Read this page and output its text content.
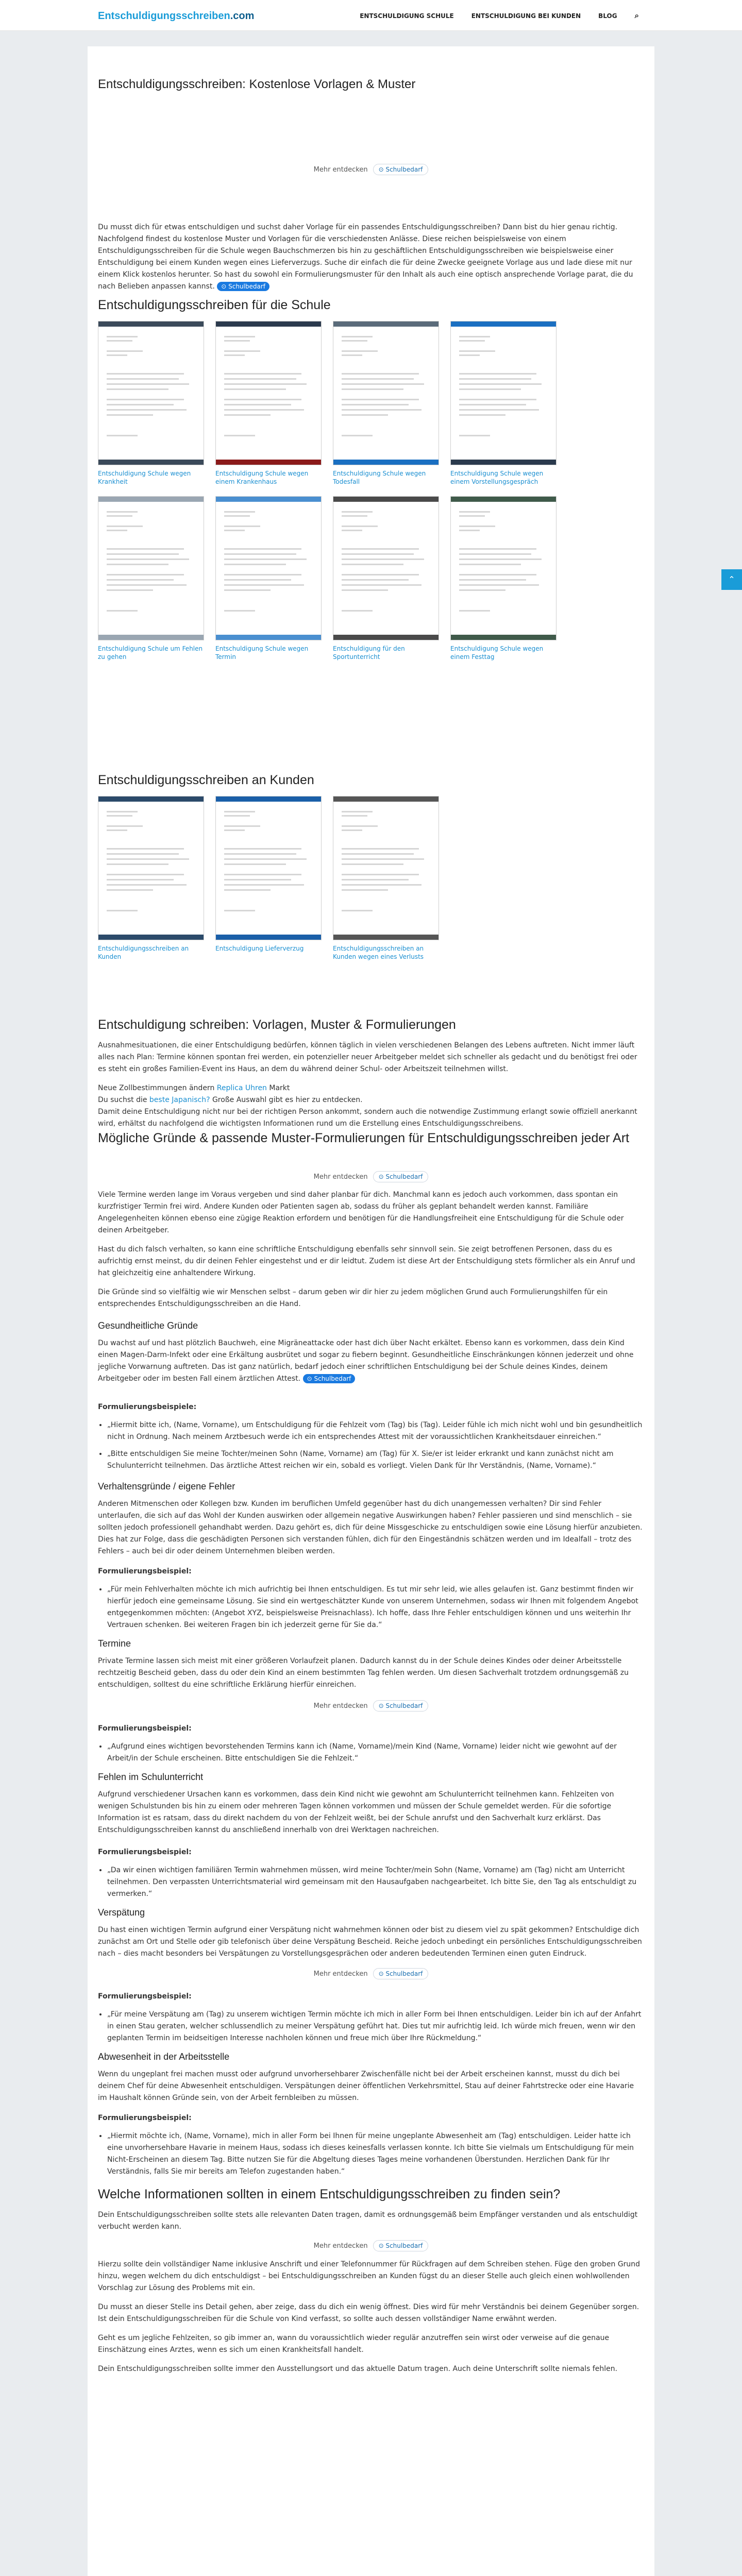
Entschuldigungsschreiben.com	ENTSCHULDIGUNG SCHULE	ENTSCHULDIGUNG BEI KUNDEN	BLOG ⌕
Entschuldigungsschreiben: Kostenlose Vorlagen & Muster
Mehr entdecken	⊙ Schulbedarf

Du musst dich für etwas entschuldigen und suchst daher Vorlage für ein passendes Entschuldigungsschreiben? Dann bist du hier genau richtig. Nachfolgend findest du kostenlose Muster und Vorlagen für die verschiedensten Anlässe. Diese reichen beispielsweise von einem Entschuldigungsschreiben für die Schule wegen Bauchschmerzen bis hin zu geschäftlichen Entschuldigungsschreiben wie beispielsweise einer Entschuldigung bei einem Kunden wegen eines Lieferverzugs. Suche dir einfach die für deine Zwecke geeignete Vorlage aus und lade diese mit nur einem Klick kostenlos herunter. So hast du sowohl ein Formulierungsmuster für den Inhalt als auch eine optisch ansprechende Vorlage parat, die du nach Belieben anpassen kannst. ⊙ Schulbedarf

Entschuldigungsschreiben für die Schule
Entschuldigung Schule wegen Krankheit
Entschuldigung Schule wegen einem Krankenhaus
Entschuldigung Schule wegen Todesfall
Entschuldigung Schule wegen einem Vorstellungsgespräch
Entschuldigung Schule um Fehlen zu gehen
Entschuldigung Schule wegen Termin
Entschuldigung für den Sportunterricht
Entschuldigung Schule wegen einem Festtag
Entschuldigungsschreiben an Kunden
Entschuldigungsschreiben an Kunden
Entschuldigung Lieferverzug	Entschuldigungsschreiben an Kunden wegen eines Verlusts
Entschuldigung schreiben: Vorlagen, Muster & Formulierungen

Ausnahmesituationen, die einer Entschuldigung bedürfen, können täglich in vielen verschiedenen Belangen des Lebens auftreten. Nicht immer läuft alles nach Plan: Termine können spontan frei werden, ein potenzieller neuer Arbeitgeber meldet sich schneller als gedacht und du benötigst frei oder es steht ein großes Familien-Event ins Haus, an dem du während deiner Schul- oder Arbeitszeit teilnehmen willst.

Neue Zollbestimmungen ändern Replica Uhren Markt

Du suchst die beste Japanisch? Große Auswahl gibt es hier zu entdecken.

Damit deine Entschuldigung nicht nur bei der richtigen Person ankommt, sondern auch die notwendige Zustimmung erlangt sowie offiziell anerkannt wird, erhältst du nachfolgend die wichtigsten Informationen rund um die Erstellung eines Entschuldigungsschreibens.

Mögliche Gründe & passende Muster-Formulierungen für Entschuldigungsschreiben jeder Art
Mehr entdecken	⊙ Schulbedarf

Viele Termine werden lange im Voraus vergeben und sind daher planbar für dich. Manchmal kann es jedoch auch vorkommen, dass spontan ein kurzfristiger Termin frei wird. Andere Kunden oder Patienten sagen ab, sodass du früher als geplant behandelt werden kannst. Familiäre Angelegenheiten können ebenso eine zügige Reaktion erfordern und benötigen für die Handlungsfreiheit eine Entschuldigung für die Schule oder deinen Arbeitgeber.

Hast du dich falsch verhalten, so kann eine schriftliche Entschuldigung ebenfalls sehr sinnvoll sein. Sie zeigt betroffenen Personen, dass du es aufrichtig ernst meinst, du dir deinen Fehler eingestehst und er dir leidtut. Zudem ist diese Art der Entschuldigung stets förmlicher als ein Anruf und hat gleichzeitig eine anhaltendere Wirkung.

Die Gründe sind so vielfältig wie wir Menschen selbst – darum geben wir dir hier zu jedem möglichen Grund auch Formulierungshilfen für ein entsprechendes Entschuldigungsschreiben an die Hand.

Gesundheitliche Gründe

Du wachst auf und hast plötzlich Bauchweh, eine Migräneattacke oder hast dich über Nacht erkältet. Ebenso kann es vorkommen, dass dein Kind einen Magen-Darm-Infekt oder eine Erkältung ausbrütet und sogar zu fiebern beginnt. Gesundheitliche Einschränkungen können jederzeit und ohne jegliche Vorwarnung auftreten. Das ist ganz natürlich, bedarf jedoch einer schriftlichen Entschuldigung bei der Schule deines Kindes, deinem Arbeitgeber oder im besten Fall einem ärztlichen Attest. ⊙ Schulbedarf

Formulierungsbeispiele:

• „Hiermit bitte ich, (Name, Vorname), um Entschuldigung für die Fehlzeit vom (Tag) bis (Tag). Leider fühle ich mich nicht wohl und bin gesundheitlich nicht in Ordnung. Nach meinem Arztbesuch werde ich ein entsprechendes Attest mit der voraussichtlichen Krankheitsdauer einreichen.“
• „Bitte entschuldigen Sie meine Tochter/meinen Sohn (Name, Vorname) am (Tag) für X. Sie/er ist leider erkrankt und kann zunächst nicht am Schulunterricht teilnehmen. Das ärztliche Attest reichen wir ein, sobald es vorliegt. Vielen Dank für Ihr Verständnis, (Name, Vorname).“
Verhaltensgründe / eigene Fehler

Anderen Mitmenschen oder Kollegen bzw. Kunden im beruflichen Umfeld gegenüber hast du dich unangemessen verhalten? Dir sind Fehler unterlaufen, die sich auf das Wohl der Kunden auswirken oder allgemein negative Auswirkungen haben? Fehler passieren und sind menschlich – sie sollten jedoch professionell gehandhabt werden. Dazu gehört es, dich für deine Missgeschicke zu entschuldigen sowie eine Lösung hierfür anzubieten. Dies hat zur Folge, dass die geschädigten Personen sich verstanden fühlen, dich für den Eingeständnis schätzen werden und im Idealfall – trotz des Fehlers – auch bei dir oder deinem Unternehmen bleiben werden.

Formulierungsbeispiel:

• „Für mein Fehlverhalten möchte ich mich aufrichtig bei Ihnen entschuldigen. Es tut mir sehr leid, wie alles gelaufen ist. Ganz bestimmt finden wir hierfür jedoch eine gemeinsame Lösung. Sie sind ein wertgeschätzter Kunde von unserem Unternehmen, sodass wir Ihnen mit folgendem Angebot entgegenkommen möchten: (Angebot XYZ, beispielsweise Preisnachlass). Ich hoffe, dass Ihre Fehler entschuldigen können und uns weiterhin Ihr Vertrauen schenken. Bei weiteren Fragen bin ich jederzeit gerne für Sie da.“
Termine

Private Termine lassen sich meist mit einer größeren Vorlaufzeit planen. Dadurch kannst du in der Schule deines Kindes oder deiner Arbeitsstelle rechtzeitig Bescheid geben, dass du oder dein Kind an einem bestimmten Tag fehlen werden. Um diesen Sachverhalt trotzdem ordnungsgemäß zu entschuldigen, solltest du eine schriftliche Erklärung hierfür einreichen.

Mehr entdecken	⊙ Schulbedarf

Formulierungsbeispiel:

• „Aufgrund eines wichtigen bevorstehenden Termins kann ich (Name, Vorname)/mein Kind (Name, Vorname) leider nicht wie gewohnt auf der Arbeit/in der Schule erscheinen. Bitte entschuldigen Sie die Fehlzeit.“
Fehlen im Schulunterricht

Aufgrund verschiedener Ursachen kann es vorkommen, dass dein Kind nicht wie gewohnt am Schulunterricht teilnehmen kann. Fehlzeiten von wenigen Schulstunden bis hin zu einem oder mehreren Tagen können vorkommen und müssen der Schule gemeldet werden. Für die sofortige Information ist es ratsam, dass du direkt nachdem du von der Fehlzeit weißt, bei der Schule anrufst und den Sachverhalt kurz erklärst. Das Entschuldigungsschreiben kannst du anschließend innerhalb von drei Werktagen nachreichen.

Formulierungsbeispiel:

• „Da wir einen wichtigen familiären Termin wahrnehmen müssen, wird meine Tochter/mein Sohn (Name, Vorname) am (Tag) nicht am Unterricht teilnehmen. Den verpassten Unterrichtsmaterial wird gemeinsam mit den Hausaufgaben nachgearbeitet. Ich bitte Sie, den Tag als entschuldigt zu vermerken.“
Verspätung

Du hast einen wichtigen Termin aufgrund einer Verspätung nicht wahrnehmen können oder bist zu diesem viel zu spät gekommen? Entschuldige dich zunächst am Ort und Stelle oder gib telefonisch über deine Verspätung Bescheid. Reiche jedoch unbedingt ein persönliches Entschuldigungsschreiben nach – dies macht besonders bei Verspätungen zu Vorstellungsgesprächen oder anderen bedeutenden Terminen einen guten Eindruck.

Mehr entdecken	⊙ Schulbedarf

Formulierungsbeispiel:

• „Für meine Verspätung am (Tag) zu unserem wichtigen Termin möchte ich mich in aller Form bei Ihnen entschuldigen. Leider bin ich auf der Anfahrt in einen Stau geraten, welcher schlussendlich zu meiner Verspätung geführt hat. Dies tut mir aufrichtig leid. Ich würde mich freuen, wenn wir den geplanten Termin im beidseitigen Interesse nachholen können und freue mich über Ihre Rückmeldung.“
Abwesenheit in der Arbeitsstelle

Wenn du ungeplant frei machen musst oder aufgrund unvorhersehbarer Zwischenfälle nicht bei der Arbeit erscheinen kannst, musst du dich bei deinem Chef für deine Abwesenheit entschuldigen. Verspätungen deiner öffentlichen Verkehrsmittel, Stau auf deiner Fahrtstrecke oder eine Havarie im Haushalt können Gründe sein, von der Arbeit fernbleiben zu müssen.

Formulierungsbeispiel:

• „Hiermit möchte ich, (Name, Vorname), mich in aller Form bei Ihnen für meine ungeplante Abwesenheit am (Tag) entschuldigen. Leider hatte ich eine unvorhersehbare Havarie in meinem Haus, sodass ich dieses keinesfalls verlassen konnte. Ich bitte Sie vielmals um Entschuldigung für mein Nicht-Erscheinen an diesem Tag. Bitte nutzen Sie für die Abgeltung dieses Tages meine vorhandenen Überstunden. Herzlichen Dank für Ihr Verständnis, falls Sie mir bereits am Telefon zugestanden haben.“
Welche Informationen sollten in einem Entschuldigungsschreiben zu finden sein?

Dein Entschuldigungsschreiben sollte stets alle relevanten Daten tragen, damit es ordnungsgemäß beim Empfänger verstanden und als entschuldigt verbucht werden kann.

Mehr entdecken	⊙ Schulbedarf

Hierzu sollte dein vollständiger Name inklusive Anschrift und einer Telefonnummer für Rückfragen auf dem Schreiben stehen. Füge den groben Grund hinzu, wegen welchem du dich entschuldigst – bei Entschuldigungsschreiben an Kunden fügst du an dieser Stelle auch gleich einen wohlwollenden Vorschlag zur Lösung des Problems mit ein.

Du musst an dieser Stelle ins Detail gehen, aber zeige, dass du dich ein wenig öffnest. Dies wird für mehr Verständnis bei deinem Gegenüber sorgen. Ist dein Entschuldigungsschreiben für die Schule von Kind verfasst, so sollte auch dessen vollständiger Name erwähnt werden.

Geht es um jegliche Fehlzeiten, so gib immer an, wann du voraussichtlich wieder regulär anzutreffen sein wirst oder verweise auf die genaue Einschätzung eines Arztes, wenn es sich um einen Krankheitsfall handelt.

Dein Entschuldigungsschreiben sollte immer den Ausstellungsort und das aktuelle Datum tragen. Auch deine Unterschrift sollte niemals fehlen.

⌃
